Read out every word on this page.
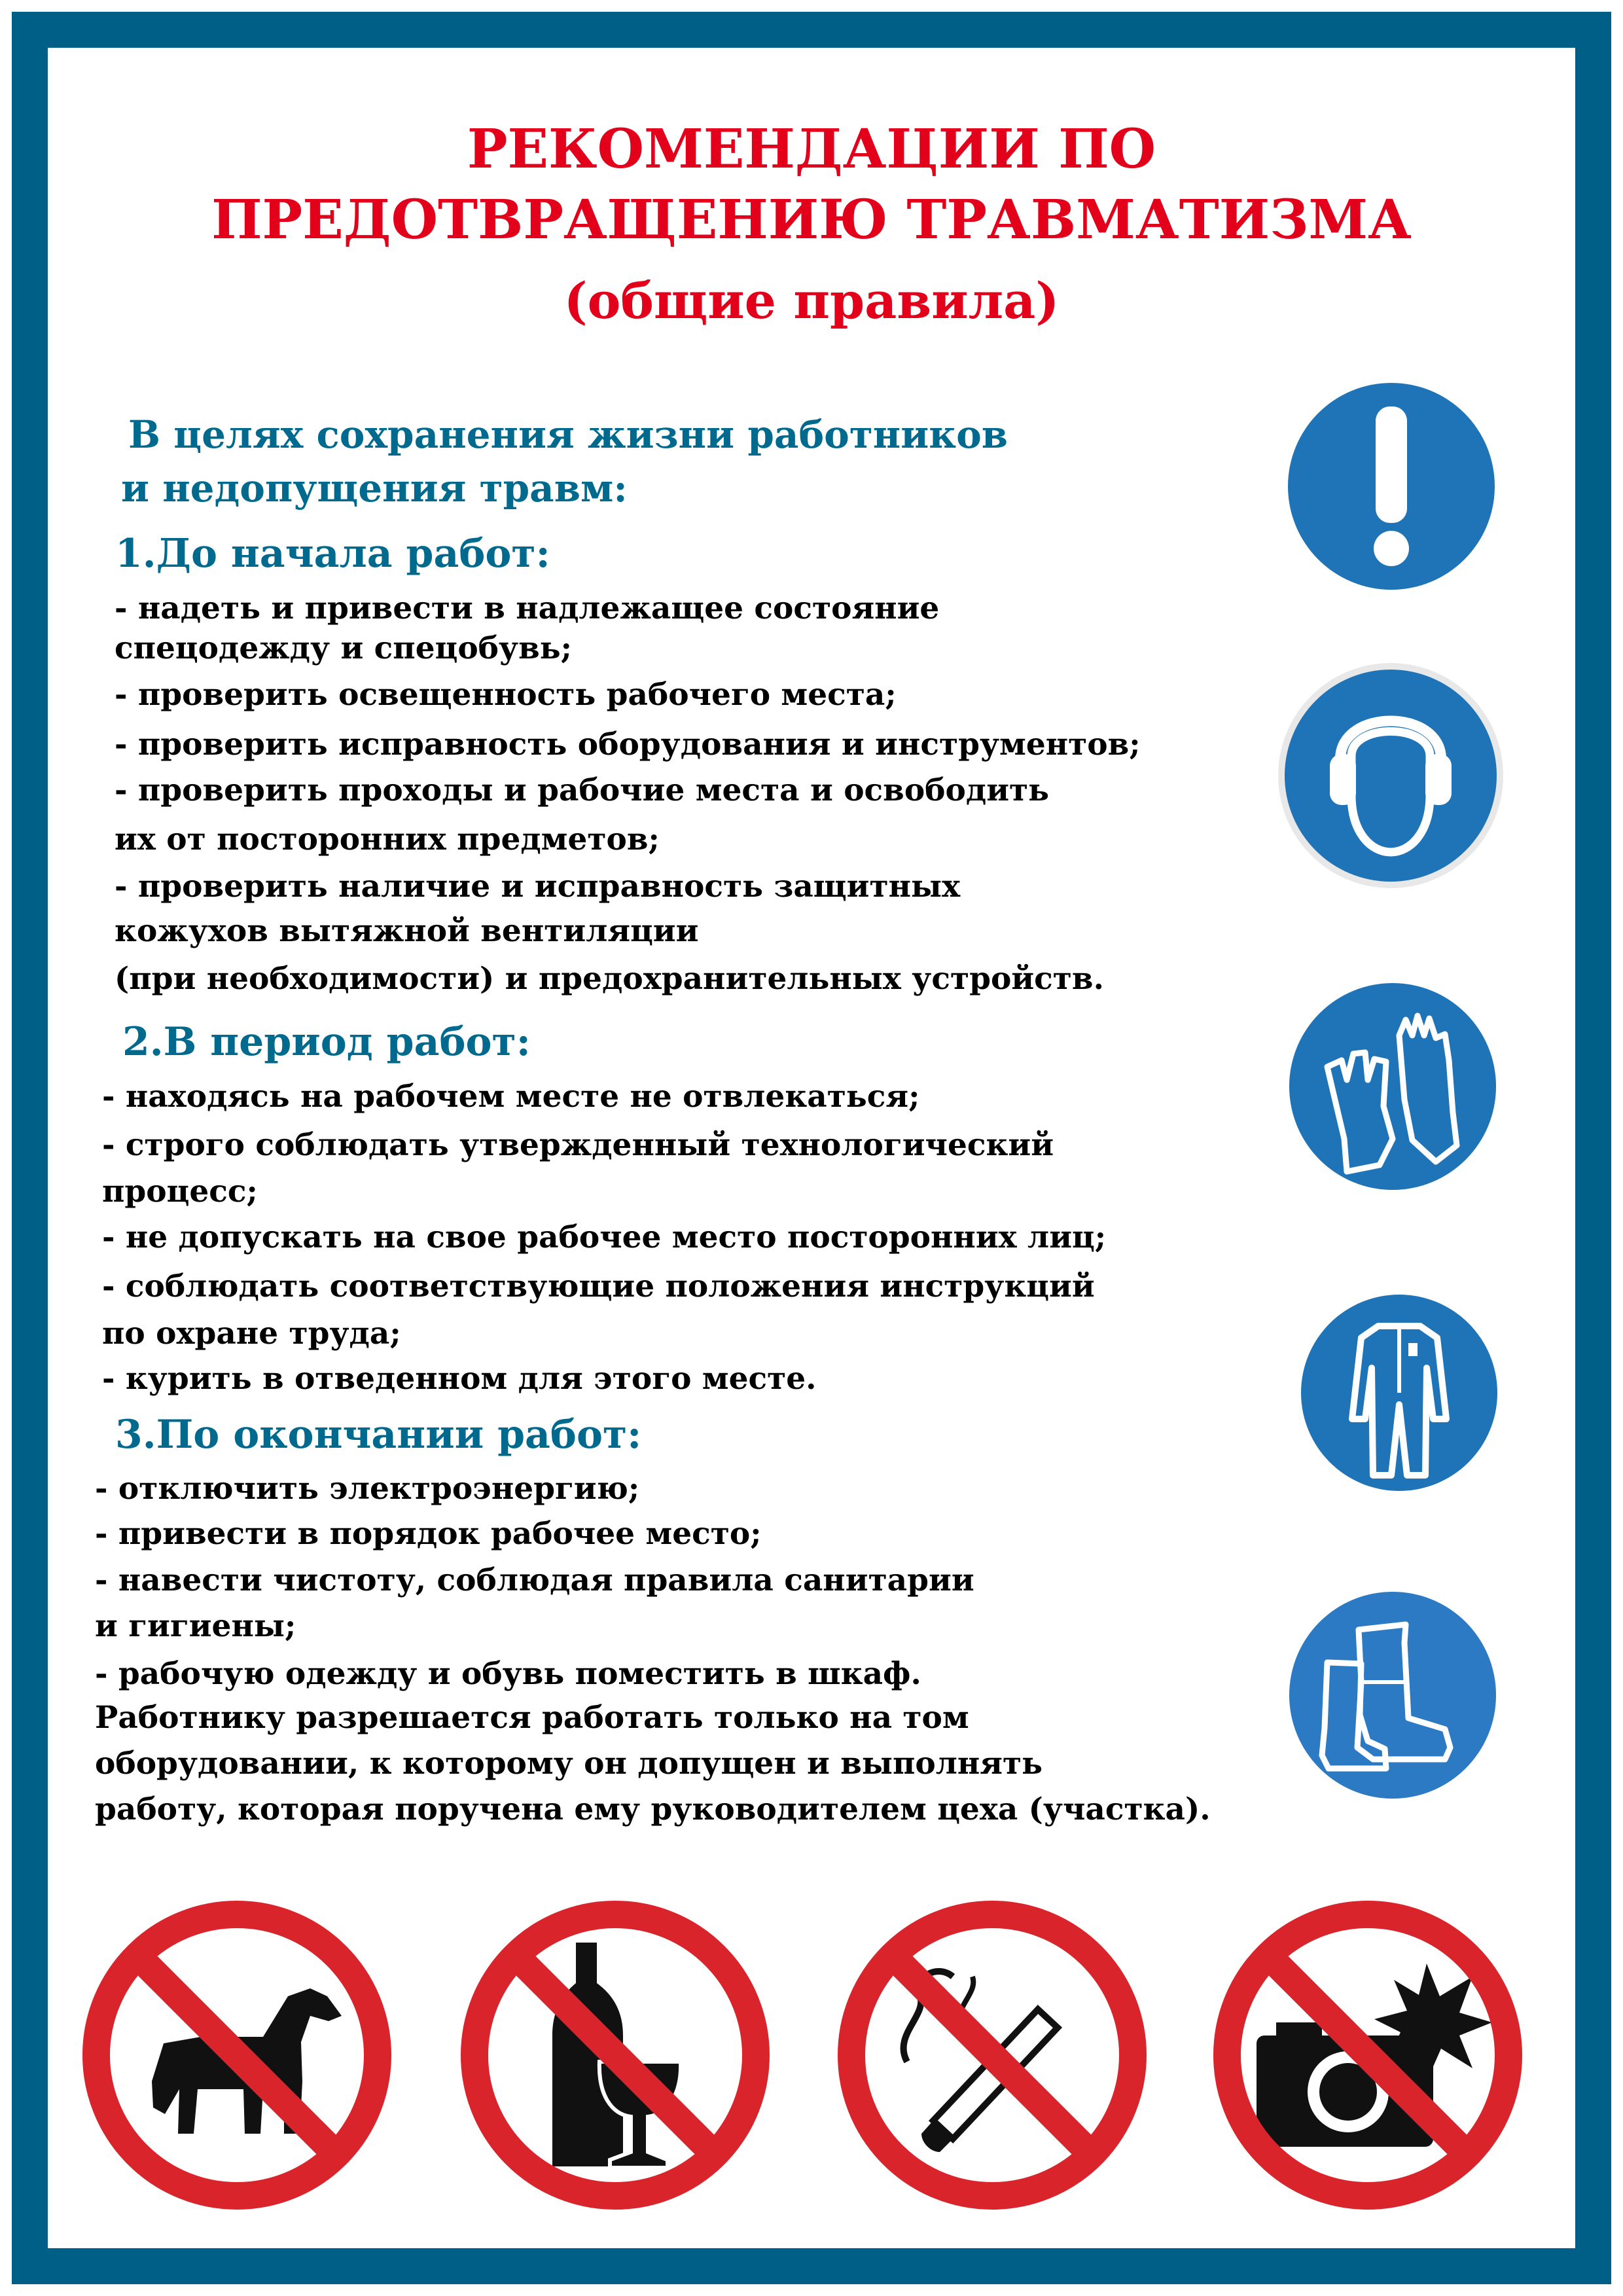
РЕКОМЕНДАЦИИ ПО
ПРЕДОТВРАЩЕНИЮ ТРАВМАТИЗМА
(общие правила)

В целях сохранения жизни работников

и недопущения травм:

1.До начала работ:

- надеть и привести в надлежащее состояние

спецодежду и спецобувь;

- проверить освещенность рабочего места;

- проверить исправность оборудования и инструментов;

- проверить проходы и рабочие места и освободить

их от посторонних предметов;

- проверить наличие и исправность защитных

кожухов вытяжной вентиляции

(при необходимости) и предохранительных устройств.

2.В период работ:

- находясь на рабочем месте не отвлекаться;

- строго соблюдать утвержденный технологический

процесс;

- не допускать на свое рабочее место посторонних лиц;

- соблюдать соответствующие положения инструкций

по охране труда;

- курить в отведенном для этого месте.

3.По окончании работ:

- отключить электроэнергию;

- привести в порядок рабочее место;

- навести чистоту, соблюдая правила санитарии

и гигиены;

- рабочую одежду и обувь поместить в шкаф.

Работнику разрешается работать только на том

оборудовании, к которому он допущен и выполнять

работу, которая поручена ему руководителем цеха (участка).
